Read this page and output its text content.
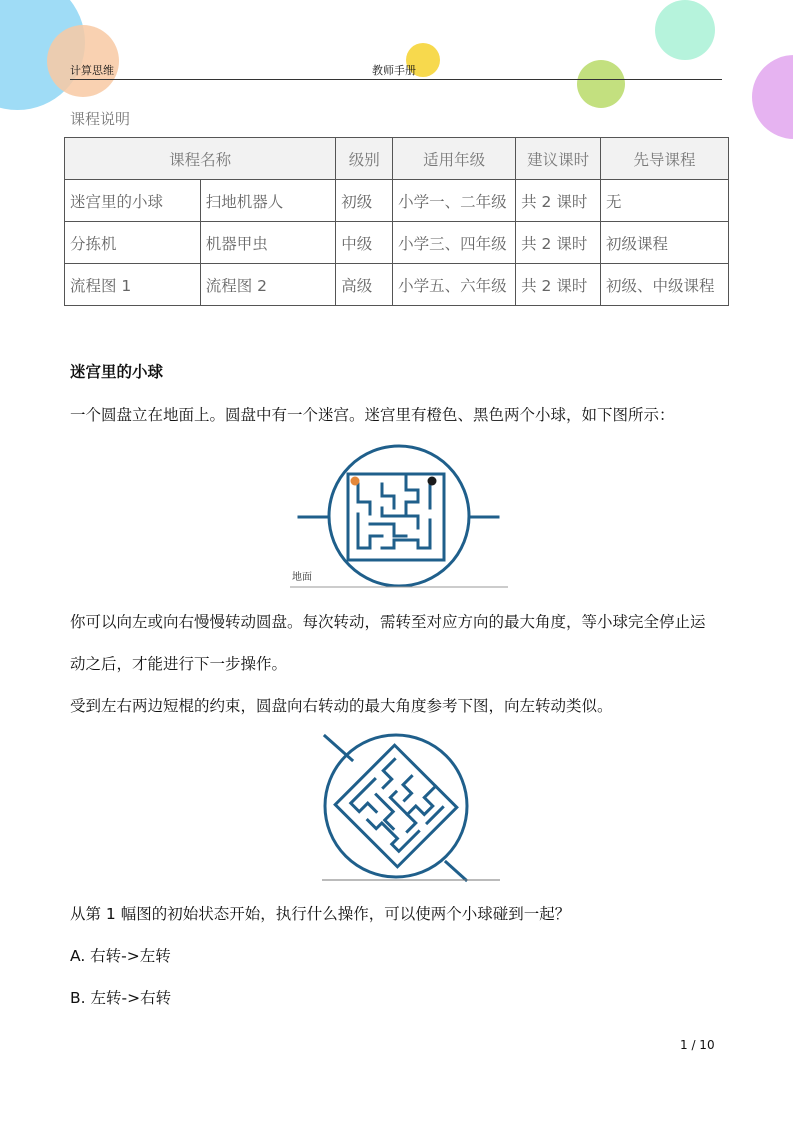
计算思维	教师手册
课程说明
课程名称		级别	适用年级	建议课时	先导课程
迷宫里的小球	扫地机器人	初级	小学一、二年级	共 2 课时	无
分拣机	机器甲虫	中级	小学三、四年级	共 2 课时	初级课程
流程图 1	流程图 2	高级	小学五、六年级	共 2 课时	初级、中级课程
迷宫里的小球
一个圆盘立在地面上。圆盘中有一个迷宫。迷宫里有橙色、黑色两个小球，如下图所示：
地面
你可以向左或向右慢慢转动圆盘。每次转动，需转至对应方向的最大角度，等小球完全停止运
动之后，才能进行下一步操作。
受到左右两边短棍的约束，圆盘向右转动的最大角度参考下图，向左转动类似。
从第 1 幅图的初始状态开始，执行什么操作，可以使两个小球碰到一起？
A. 右转->左转
B. 左转->右转
1 / 10
